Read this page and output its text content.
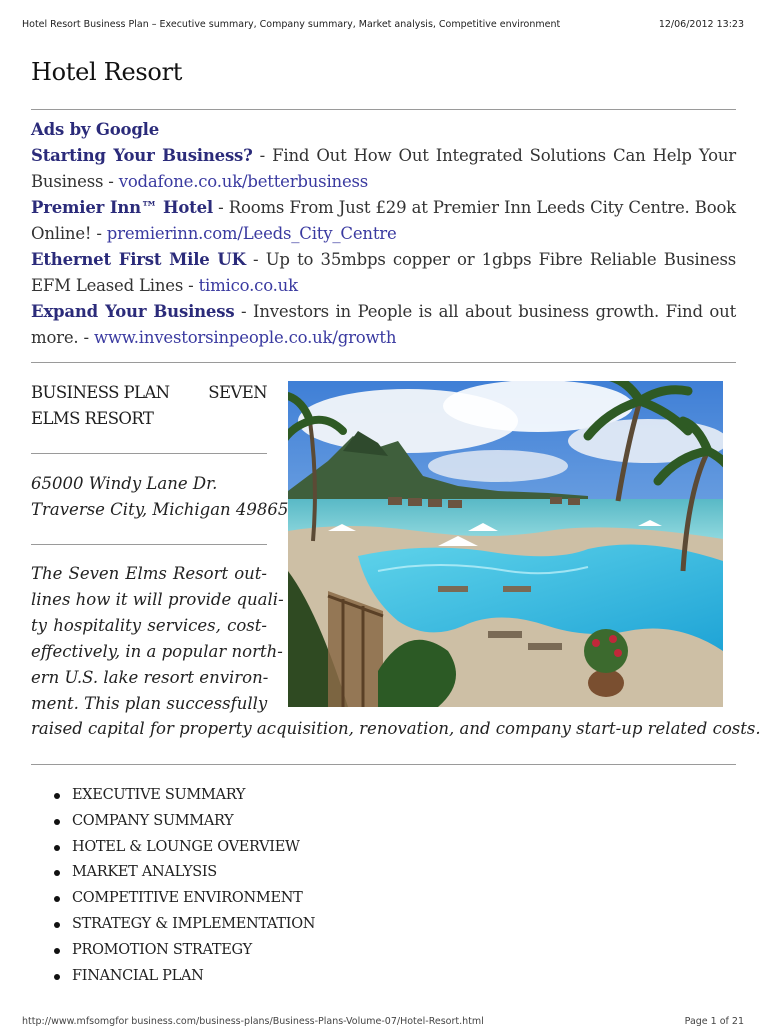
Hotel Resort Business Plan – Executive summary, Company summary, Market analysis, Competitive environment	12/06/2012 13:23
Hotel Resort

Ads by Google

Starting Your Business? - Find Out How Out Integrated Solutions Can Help Your Business - vodafone.co.uk/betterbusiness

Premier Inn™ Hotel - Rooms From Just £29 at Premier Inn Leeds City Centre. Book Online! - premierinn.com/Leeds_City_Centre

Ethernet First Mile UK - Up to 35mbps copper or 1gbps Fibre Reliable Business EFM Leased Lines - timico.co.uk

Expand Your Business - Investors in People is all about business growth. Find out more. - www.investorsinpeople.co.uk/growth

BUSINESS PLAN SEVEN
ELMS RESORT
65000 Windy Lane Dr.
Traverse City, Michigan 49865
The Seven Elms Resort out-
lines how it will provide quali-
ty hospitality services, cost-
effectively, in a popular north-
ern U.S. lake resort environ-
ment. This plan successfully
raised capital for property acquisition, renovation, and company start-up related costs.
EXECUTIVE SUMMARY
COMPANY SUMMARY
HOTEL & LOUNGE OVERVIEW
MARKET ANALYSIS
COMPETITIVE ENVIRONMENT
STRATEGY & IMPLEMENTATION
PROMOTION STRATEGY
FINANCIAL PLAN
http://www.mfsomgfor business.com/business-plans/Business-Plans-Volume-07/Hotel-Resort.html	Page 1 of 21
